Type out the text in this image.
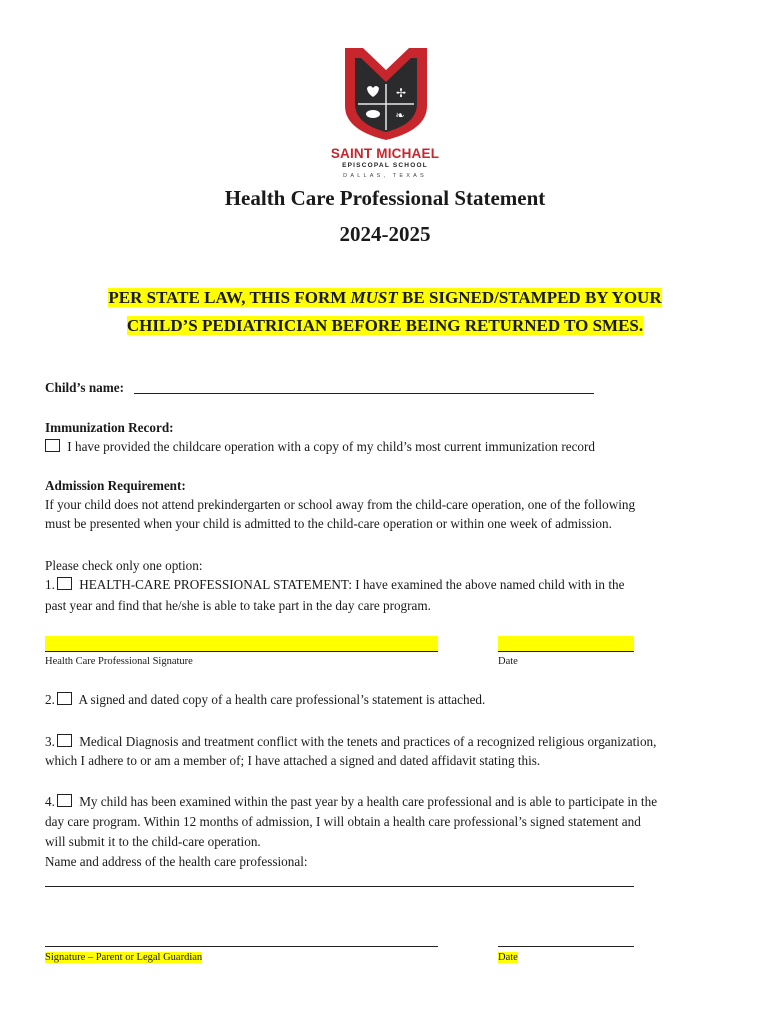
✢
❧
SAINT MICHAEL
EPISCOPAL SCHOOL
DALLAS, TEXAS
Health Care Professional Statement
2024-2025
PER STATE LAW, THIS FORM MUST BE SIGNED/STAMPED BY YOUR
CHILD’S PEDIATRICIAN BEFORE BEING RETURNED TO SMES.
Child’s name:
Immunization Record:
I have provided the childcare operation with a copy of my child’s most current immunization record
Admission Requirement:
If your child does not attend prekindergarten or school away from the child-care operation, one of the following
must be presented when your child is admitted to the child-care operation or within one week of admission.
Please check only one option:
1. HEALTH-CARE PROFESSIONAL STATEMENT: I have examined the above named child with in the
past year and find that he/she is able to take part in the day care program.
Health Care Professional Signature	Date
2. A signed and dated copy of a health care professional’s statement is attached.
3. Medical Diagnosis and treatment conflict with the tenets and practices of a recognized religious organization,
which I adhere to or am a member of; I have attached a signed and dated affidavit stating this.
4. My child has been examined within the past year by a health care professional and is able to participate in the
day care program. Within 12 months of admission, I will obtain a health care professional’s signed statement and
will submit it to the child-care operation.
Name and address of the health care professional:
Signature – Parent or Legal Guardian	Date
